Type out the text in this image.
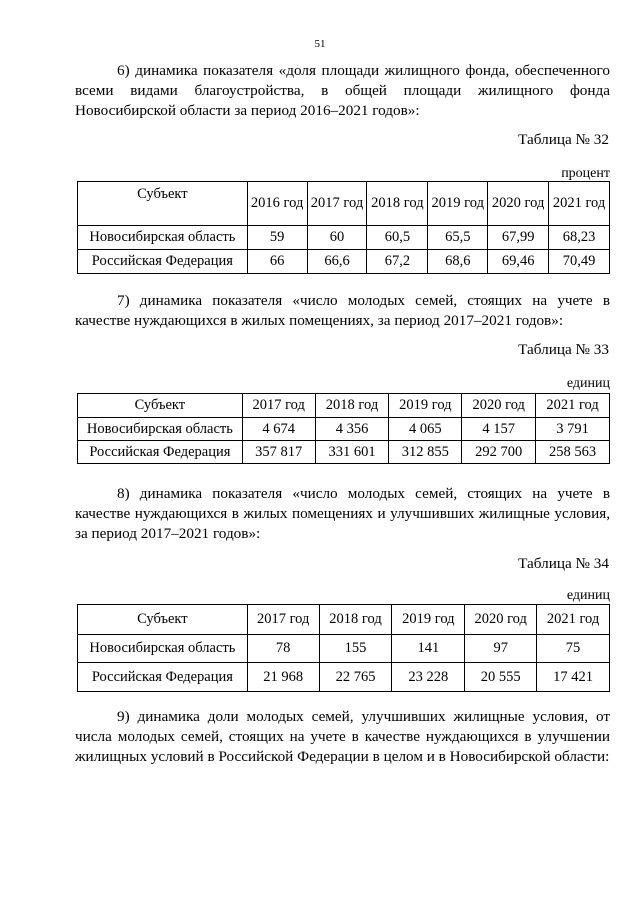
51
6) динамика показателя «доля площади жилищного фонда, обеспеченного всеми видами благоустройства, в общей площади жилищного фонда Новосибирской области за период 2016–2021 годов»:
Таблица № 32
процент
Субъект	2016 год	2017 год	2018 год	2019 год	2020 год	2021 год
Новосибирская область	59	60	60,5	65,5	67,99	68,23
Российская Федерация	66	66,6	67,2	68,6	69,46	70,49
7) динамика показателя «число молодых семей, стоящих на учете в качестве нуждающихся в жилых помещениях, за период 2017–2021 годов»:
Таблица № 33
единиц
Субъект	2017 год	2018 год	2019 год	2020 год	2021 год
Новосибирская область	4 674	4 356	4 065	4 157	3 791
Российская Федерация	357 817	331 601	312 855	292 700	258 563
8) динамика показателя «число молодых семей, стоящих на учете в качестве нуждающихся в жилых помещениях и улучшивших жилищные условия, за период 2017–2021 годов»:
Таблица № 34
единиц
Субъект	2017 год	2018 год	2019 год	2020 год	2021 год
Новосибирская область	78	155	141	97	75
Российская Федерация	21 968	22 765	23 228	20 555	17 421
9) динамика доли молодых семей, улучшивших жилищные условия, от числа молодых семей, стоящих на учете в качестве нуждающихся в улучшении жилищных условий в Российской Федерации в целом и в Новосибирской области:
